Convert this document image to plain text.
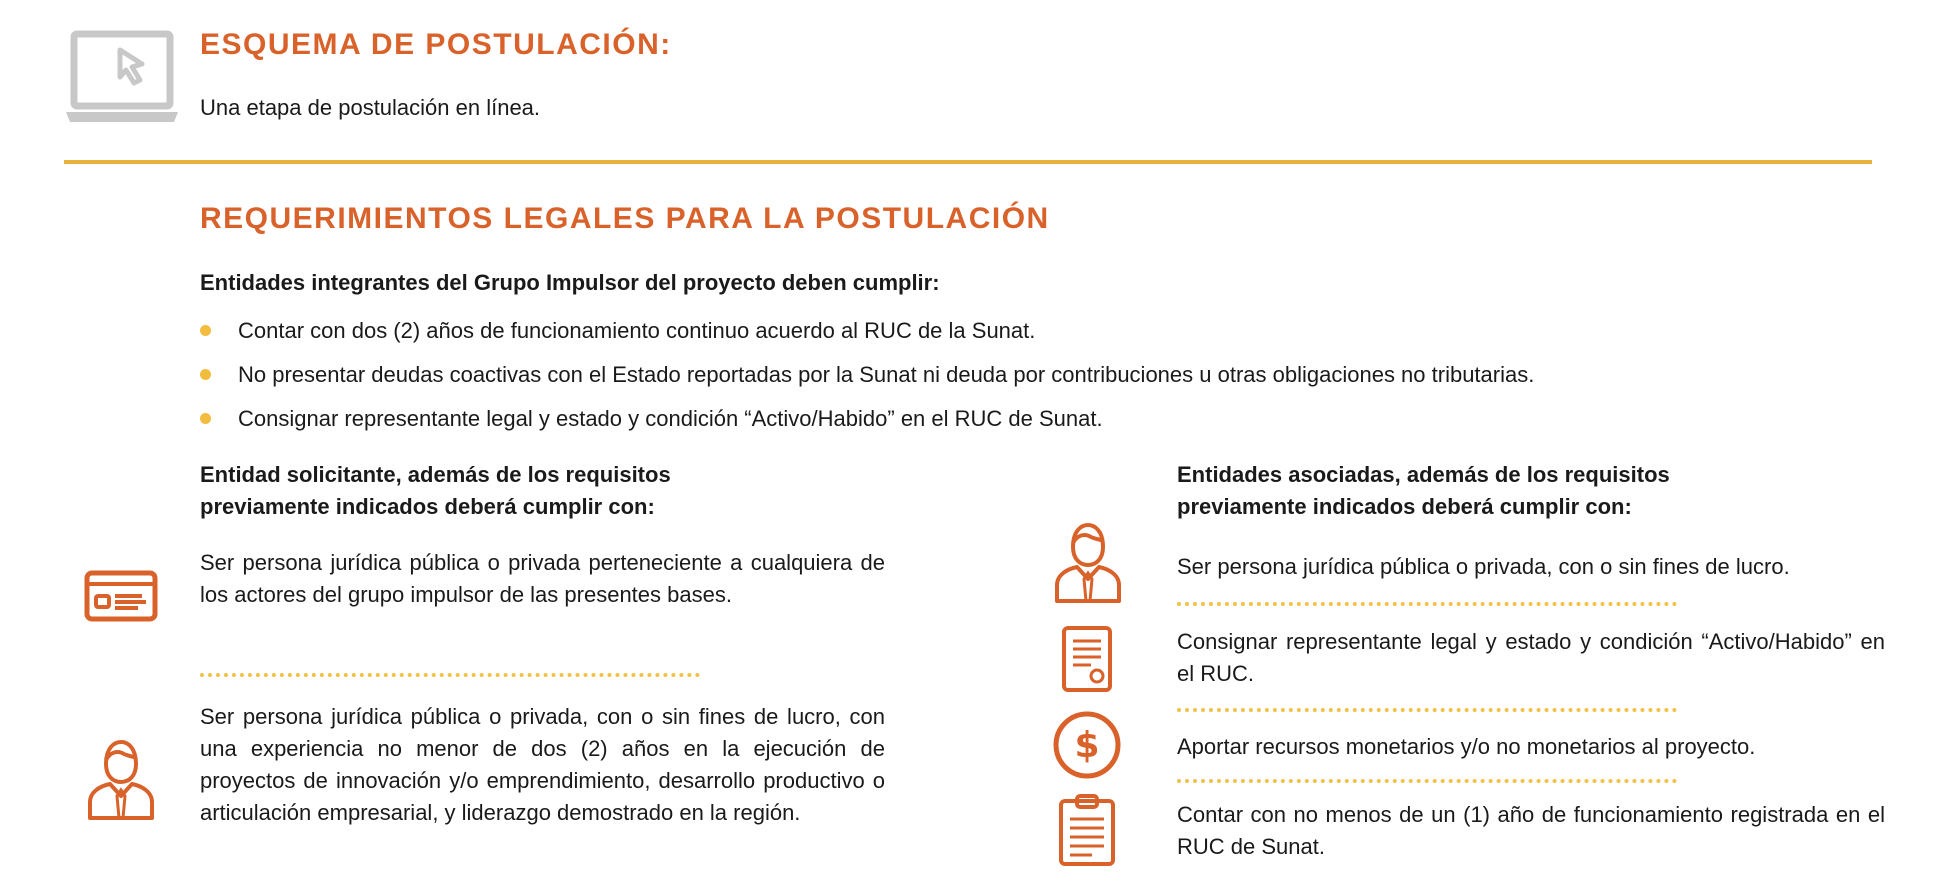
ESQUEMA DE POSTULACIÓN:

Una etapa de postulación en línea.

REQUERIMIENTOS LEGALES PARA LA POSTULACIÓN

Entidades integrantes del Grupo Impulsor del proyecto deben cumplir:

Contar con dos (2) años de funcionamiento continuo acuerdo al RUC de la Sunat.
No presentar deudas coactivas con el Estado reportadas por la Sunat ni deuda por contribuciones u otras obligaciones no tributarias.
Consignar representante legal y estado y condición “Activo/Habido” en el RUC de Sunat.

Entidad solicitante, además de los requisitos

previamente indicados deberá cumplir con:

Ser persona jurídica pública o privada perteneciente a cualquiera de los actores del grupo impulsor de las presentes bases.

Ser persona jurídica pública o privada, con o sin fines de lucro, con una experiencia no menor de dos (2) años en la ejecución de proyectos de innovación y/o emprendimiento, desarrollo productivo o articulación empresarial, y liderazgo demostrado en la región.

Entidades asociadas, además de los requisitos

previamente indicados deberá cumplir con:

Ser persona jurídica pública o privada, con o sin fines de lucro.

Consignar representante legal y estado y condición “Activo/Habido” en el RUC.

$	Aportar recursos monetarios y/o no monetarios al proyecto.

Contar con no menos de un (1) año de funcionamiento registrada en el RUC de Sunat.
